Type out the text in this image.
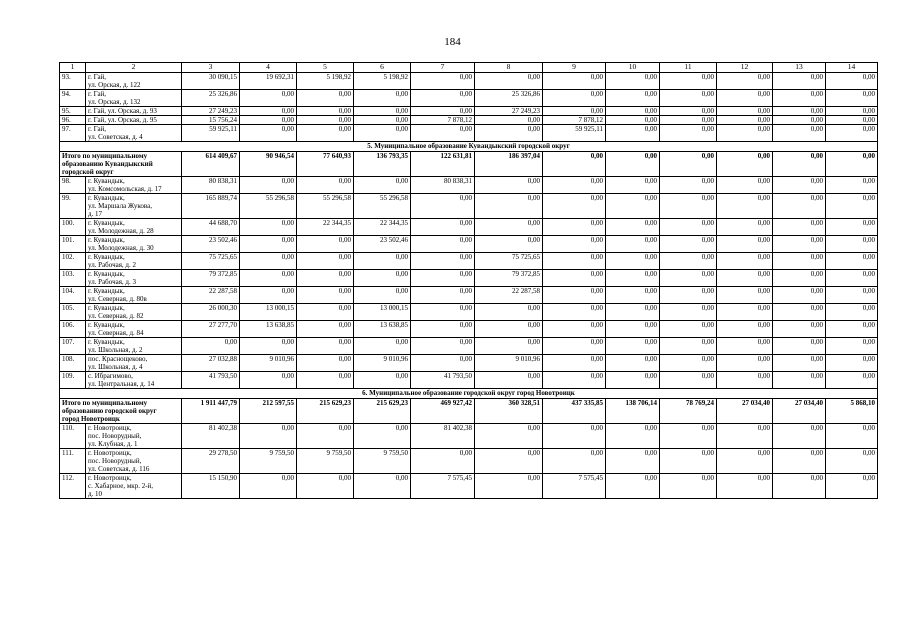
184
1	2	3	4	5	6	7	8	9	10	11	12	13	14
93.	г. Гай,
ул. Орская, д. 122	30 090,15	19 692,31	5 198,92	5 198,92	0,00	0,00	0,00	0,00	0,00	0,00	0,00	0,00
94.	г. Гай,
ул. Орская, д. 132	25 326,86	0,00	0,00	0,00	0,00	25 326,86	0,00	0,00	0,00	0,00	0,00	0,00
95.	г. Гай, ул. Орская, д. 93	27 249,23	0,00	0,00	0,00	0,00	27 249,23	0,00	0,00	0,00	0,00	0,00	0,00
96.	г. Гай, ул. Орская, д. 95	15 756,24	0,00	0,00	0,00	7 878,12	0,00	7 878,12	0,00	0,00	0,00	0,00	0,00
97.	г. Гай,
ул. Советская, д. 4	59 925,11	0,00	0,00	0,00	0,00	0,00	59 925,11	0,00	0,00	0,00	0,00	0,00
5. Муниципальное образование Кувандыкский городской округ													
Итого по муниципальному
образованию Кувандыкский
городской округ		614 409,67	90 946,54	77 640,93	136 793,35	122 631,81	186 397,04	0,00	0,00	0,00	0,00	0,00	0,00
98.	г. Кувандык,
ул. Комсомольская, д. 17	80 838,31	0,00	0,00	0,00	80 838,31	0,00	0,00	0,00	0,00	0,00	0,00	0,00
99.	г. Кувандык,
ул. Маршала Жукова,
д. 17	165 889,74	55 296,58	55 296,58	55 296,58	0,00	0,00	0,00	0,00	0,00	0,00	0,00	0,00
100.	г. Кувандык,
ул. Молодежная, д. 28	44 688,70	0,00	22 344,35	22 344,35	0,00	0,00	0,00	0,00	0,00	0,00	0,00	0,00
101.	г. Кувандык,
ул. Молодежная, д. 30	23 502,46	0,00	0,00	23 502,46	0,00	0,00	0,00	0,00	0,00	0,00	0,00	0,00
102.	г. Кувандык,
ул. Рабочая, д. 2	75 725,65	0,00	0,00	0,00	0,00	75 725,65	0,00	0,00	0,00	0,00	0,00	0,00
103.	г. Кувандык,
ул. Рабочая, д. 3	79 372,85	0,00	0,00	0,00	0,00	79 372,85	0,00	0,00	0,00	0,00	0,00	0,00
104.	г. Кувандык,
ул. Северная, д. 80в	22 287,58	0,00	0,00	0,00	0,00	22 287,58	0,00	0,00	0,00	0,00	0,00	0,00
105.	г. Кувандык,
ул. Северная, д. 82	26 000,30	13 000,15	0,00	13 000,15	0,00	0,00	0,00	0,00	0,00	0,00	0,00	0,00
106.	г. Кувандык,
ул. Северная, д. 84	27 277,70	13 638,85	0,00	13 638,85	0,00	0,00	0,00	0,00	0,00	0,00	0,00	0,00
107.	г. Кувандык,
ул. Школьная, д. 2	0,00	0,00	0,00	0,00	0,00	0,00	0,00	0,00	0,00	0,00	0,00	0,00
108.	пос. Краснощеково,
ул. Школьная, д. 4	27 032,88	9 010,96	0,00	9 010,96	0,00	9 010,96	0,00	0,00	0,00	0,00	0,00	0,00
109.	с. Ибрагимово,
ул. Центральная, д. 14	41 793,50	0,00	0,00	0,00	41 793,50	0,00	0,00	0,00	0,00	0,00	0,00	0,00
6. Муниципальное образование городской округ город Новотроицк													
Итого по муниципальному
образованию городской округ
город Новотроицк		1 911 447,79	212 597,55	215 629,23	215 629,23	469 927,42	360 328,51	437 335,85	138 706,14	78 769,24	27 034,40	27 034,40	5 868,10
110.	г. Новотроицк,
пос. Новорудный,
ул. Клубная, д. 1	81 402,38	0,00	0,00	0,00	81 402,38	0,00	0,00	0,00	0,00	0,00	0,00	0,00
111.	г. Новотроицк,
пос. Новорудный,
ул. Советская, д. 116	29 278,50	9 759,50	9 759,50	9 759,50	0,00	0,00	0,00	0,00	0,00	0,00	0,00	0,00
112.	г. Новотроицк,
с. Хабарное, мкр. 2-й,
д. 10	15 150,90	0,00	0,00	0,00	7 575,45	0,00	7 575,45	0,00	0,00	0,00	0,00	0,00
